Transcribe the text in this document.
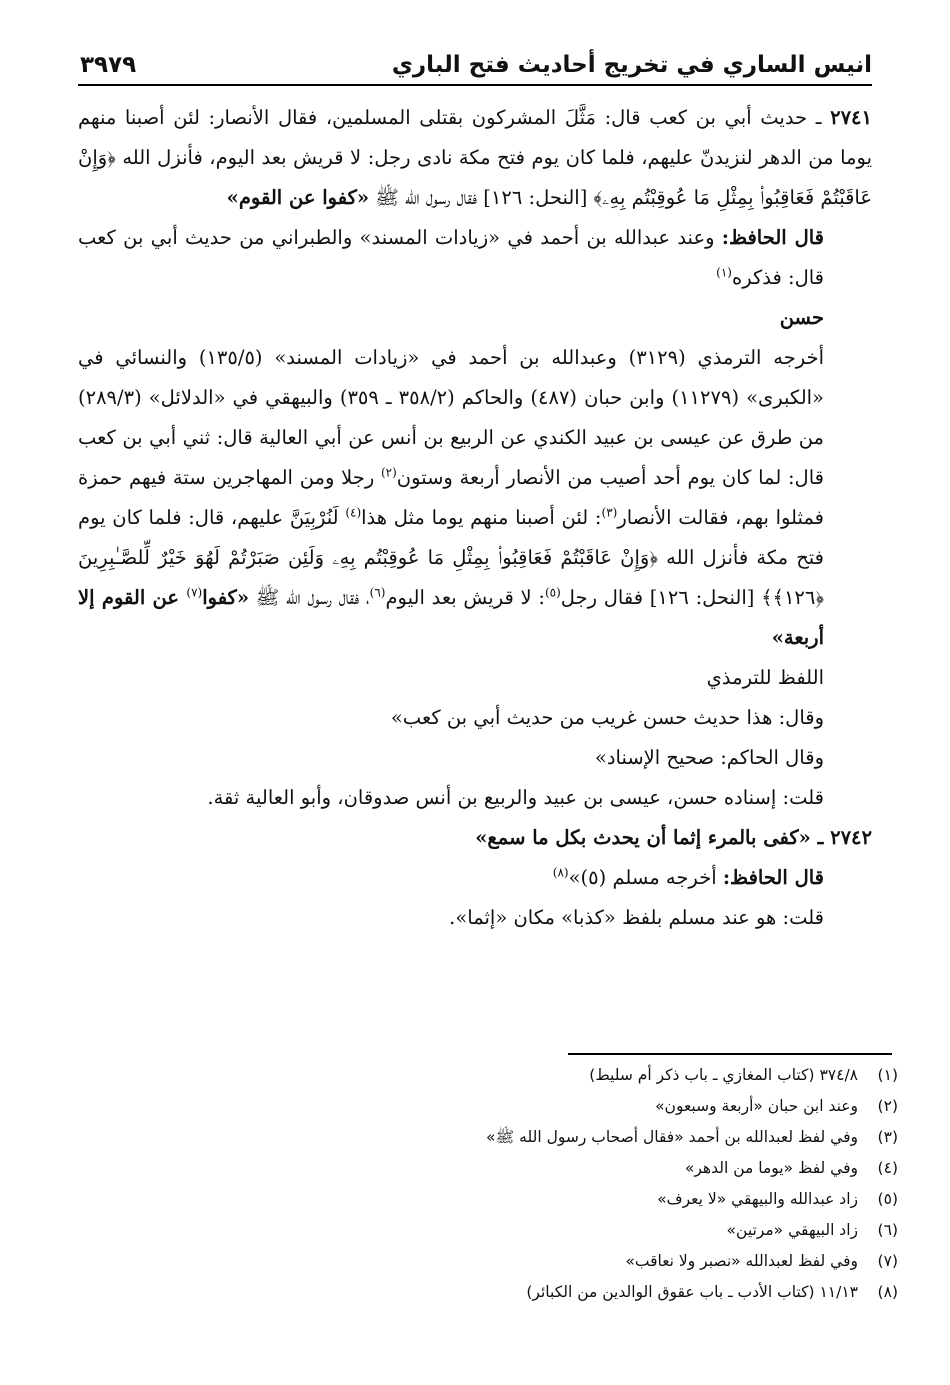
انيس الساري في تخريج أحاديث فتح الباري
٣٩٧٩

٢٧٤١ ـ حديث أبي بن كعب قال: مَثَّلَ المشركون بقتلى المسلمين، فقال الأنصار: لئن أصبنا منهم يوما من الدهر لنزيدنّ عليهم، فلما كان يوم فتح مكة نادى رجل: لا قريش بعد اليوم، فأنزل الله ﴿وَإِنْ عَاقَبْتُمْ فَعَاقِبُوا۟ بِمِثْلِ مَا عُوقِبْتُم بِهِۦ﴾ [النحل: ١٢٦] فقال رسول الله ﷺ «كفوا عن القوم»

قال الحافظ: وعند عبدالله بن أحمد في «زيادات المسند» والطبراني من حديث أبي بن كعب قال: فذكره$^{(١)}$

حسن

أخرجه الترمذي (٣١٢٩) وعبدالله بن أحمد في «زيادات المسند» (١٣٥/٥) والنسائي في «الكبرى» (١١٢٧٩) وابن حبان (٤٨٧) والحاكم (٣٥٨/٢ ـ ٣٥٩) والبيهقي في «الدلائل» (٢٨٩/٣) من طرق عن عيسى بن عبيد الكندي عن الربيع بن أنس عن أبي العالية قال: ثني أبي بن كعب قال: لما كان يوم أحد أصيب من الأنصار أربعة وستون$^{(٢)}$ رجلا ومن المهاجرين ستة فيهم حمزة فمثلوا بهم، فقالت الأنصار$^{(٣)}$: لئن أصبنا منهم يوما مثل هذا$^{(٤)}$ لَنُرْبِيَنَّ عليهم، قال: فلما كان يوم فتح مكة فأنزل الله ﴿وَإِنْ عَاقَبْتُمْ فَعَاقِبُوا۟ بِمِثْلِ مَا عُوقِبْتُم بِهِۦ وَلَئِن صَبَرْتُمْ لَهُوَ خَيْرٌ لِّلصَّـٰبِرِينَ ﴿١٢٦﴾﴾ [النحل: ١٢٦] فقال رجل$^{(٥)}$: لا قريش بعد اليوم$^{(٦)}$، فقال رسول الله ﷺ «كفوا$^{(٧)}$ عن القوم إلا أربعة»

اللفظ للترمذي

وقال: هذا حديث حسن غريب من حديث أبي بن كعب»

وقال الحاكم: صحيح الإسناد»

قلت: إسناده حسن، عيسى بن عبيد والربيع بن أنس صدوقان، وأبو العالية ثقة.

٢٧٤٢ ـ «كفى بالمرء إثما أن يحدث بكل ما سمع»

قال الحافظ: أخرجه مسلم (٥)»$^{(٨)}$

قلت: هو عند مسلم بلفظ «كذبا» مكان «إثما».

(١)
٣٧٤/٨ (كتاب المغازي ـ باب ذكر أم سليط)
(٢)
وعند ابن حبان «أربعة وسبعون»
(٣)
وفي لفظ لعبدالله بن أحمد «فقال أصحاب رسول الله ﷺ»
(٤)
وفي لفظ «يوما من الدهر»
(٥)
زاد عبدالله والبيهقي «لا يعرف»
(٦)
زاد البيهقي «مرتين»
(٧)
وفي لفظ لعبدالله «نصبر ولا نعاقب»
(٨)
١١/١٣ (كتاب الأدب ـ باب عقوق الوالدين من الكبائر)
